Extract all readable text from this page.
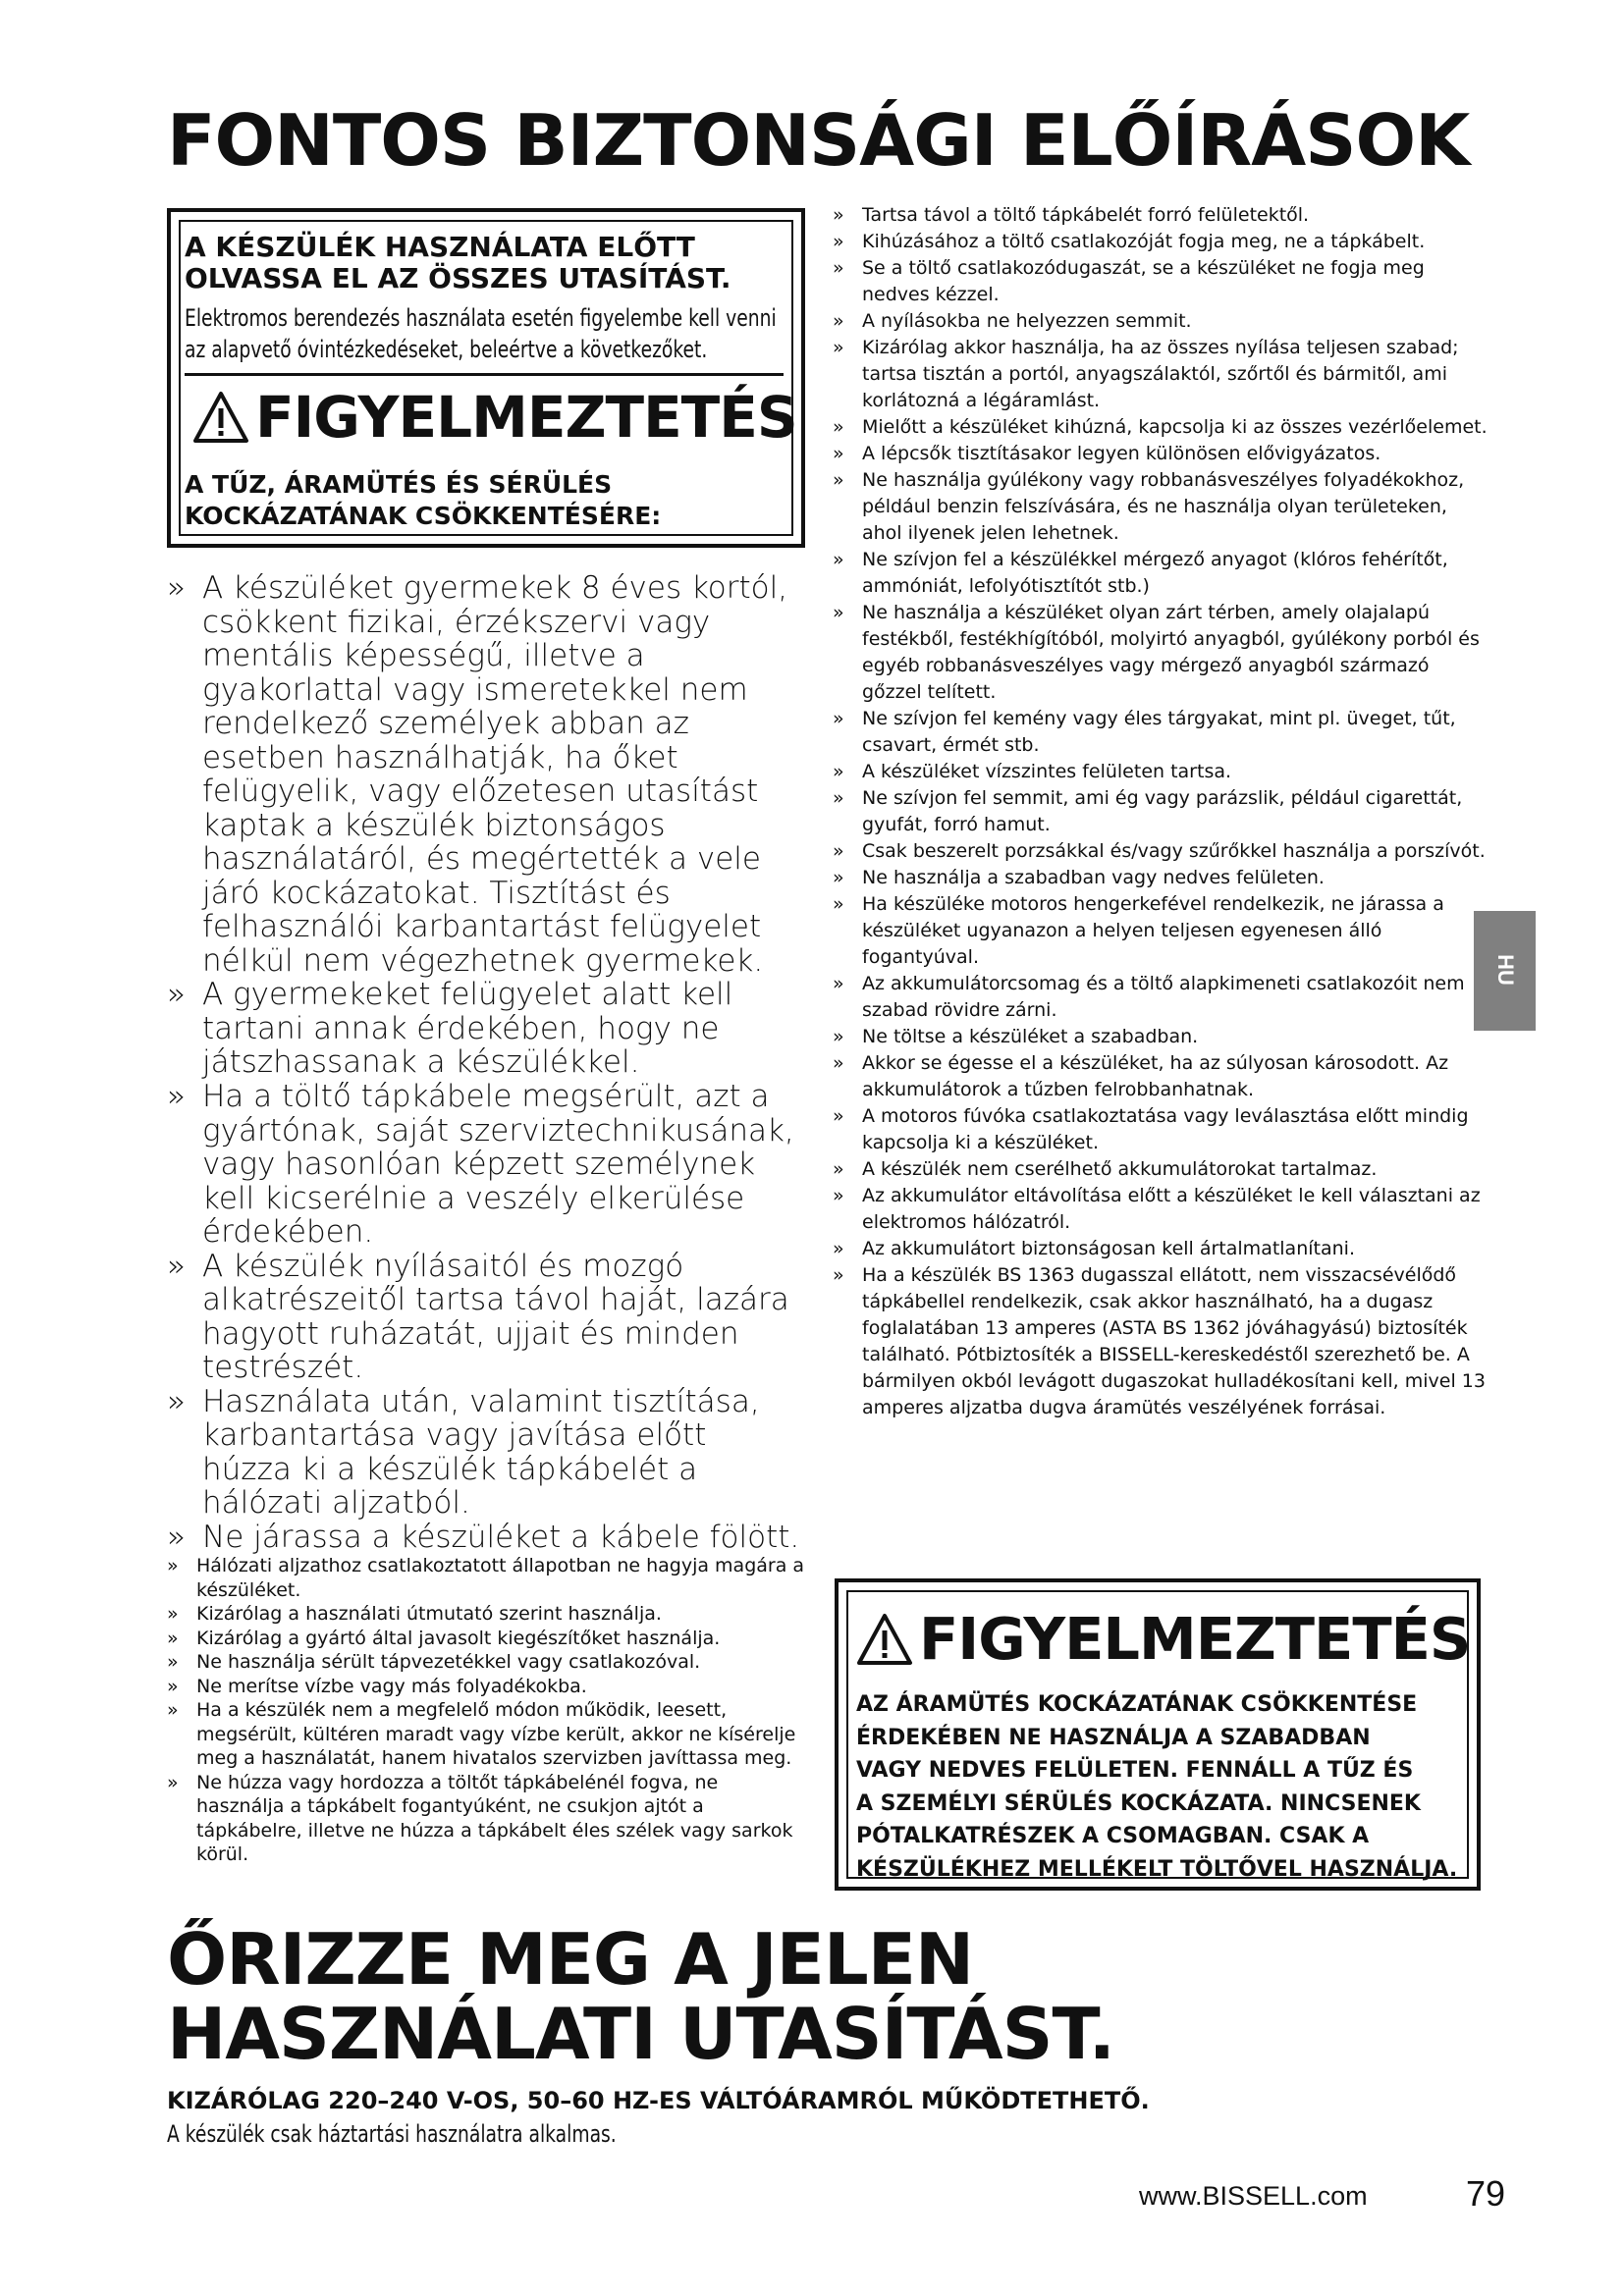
FONTOS BIZTONSÁGI ELŐÍRÁSOK
A KÉSZÜLÉK HASZNÁLATA ELŐTT
OLVASSA EL AZ ÖSSZES UTASÍTÁST.
Elektromos berendezés használata esetén figyelembe kell venni
az alapvető óvintézkedéseket, beleértve a következőket.
FIGYELMEZTETÉS
A TŰZ, ÁRAMÜTÉS ÉS SÉRÜLÉS
KOCKÁZATÁNAK CSÖKKENTÉSÉRE:
» A készüléket gyermekek 8 éves kortól, csökkent fizikai, érzékszervi vagy mentális képességű, illetve a gyakorlattal vagy ismeretekkel nem rendelkező személyek abban az esetben használhatják, ha őket felügyelik, vagy előzetesen utasítást kaptak a készülék biztonságos használatáról, és megértették a vele járó kockázatokat. Tisztítást és felhasználói karbantartást felügyelet nélkül nem végezhetnek gyermekek.
» A gyermekeket felügyelet alatt kell tartani annak érdekében, hogy ne játszhassanak a készülékkel.
» Ha a töltő tápkábele megsérült, azt a gyártónak, saját szerviztechnikusának, vagy hasonlóan képzett személynek kell kicserélnie a veszély elkerülése érdekében.
» A készülék nyílásaitól és mozgó alkatrészeitől tartsa távol haját, lazára hagyott ruházatát, ujjait és minden testrészét.
» Használata után, valamint tisztítása, karbantartása vagy javítása előtt húzza ki a készülék tápkábelét a hálózati aljzatból.
» Ne járassa a készüléket a kábele fölött.
» Hálózati aljzathoz csatlakoztatott állapotban ne hagyja magára a készüléket.
» Kizárólag a használati útmutató szerint használja.
» Kizárólag a gyártó által javasolt kiegészítőket használja.
» Ne használja sérült tápvezetékkel vagy csatlakozóval.
» Ne merítse vízbe vagy más folyadékokba.
» Ha a készülék nem a megfelelő módon működik, leesett, megsérült, kültéren maradt vagy vízbe került, akkor ne kísérelje meg a használatát, hanem hivatalos szervizben javíttassa meg.
» Ne húzza vagy hordozza a töltőt tápkábelénél fogva, ne használja a tápkábelt fogantyúként, ne csukjon ajtót a tápkábelre, illetve ne húzza a tápkábelt éles szélek vagy sarkok körül.
» Tartsa távol a töltő tápkábelét forró felületektől.
» Kihúzásához a töltő csatlakozóját fogja meg, ne a tápkábelt.
» Se a töltő csatlakozódugaszát, se a készüléket ne fogja meg nedves kézzel.
» A nyílásokba ne helyezzen semmit.
» Kizárólag akkor használja, ha az összes nyílása teljesen szabad; tartsa tisztán a portól, anyagszálaktól, szőrtől és bármitől, ami korlátozná a légáramlást.
» Mielőtt a készüléket kihúzná, kapcsolja ki az összes vezérlőelemet.
» A lépcsők tisztításakor legyen különösen elővigyázatos.
» Ne használja gyúlékony vagy robbanásveszélyes folyadékokhoz, például benzin felszívására, és ne használja olyan területeken, ahol ilyenek jelen lehetnek.
» Ne szívjon fel a készülékkel mérgező anyagot (klóros fehérítőt, ammóniát, lefolyótisztítót stb.)
» Ne használja a készüléket olyan zárt térben, amely olajalapú festékből, festékhígítóból, molyirtó anyagból, gyúlékony porból és egyéb robbanásveszélyes vagy mérgező anyagból származó gőzzel telített.
» Ne szívjon fel kemény vagy éles tárgyakat, mint pl. üveget, tűt, csavart, érmét stb.
» A készüléket vízszintes felületen tartsa.
» Ne szívjon fel semmit, ami ég vagy parázslik, például cigarettát, gyufát, forró hamut.
» Csak beszerelt porzsákkal és/vagy szűrőkkel használja a porszívót.
» Ne használja a szabadban vagy nedves felületen.
» Ha készüléke motoros hengerkefével rendelkezik, ne járassa a készüléket ugyanazon a helyen teljesen egyenesen álló fogantyúval.
» Az akkumulátorcsomag és a töltő alapkimeneti csatlakozóit nem szabad rövidre zárni.
» Ne töltse a készüléket a szabadban.
» Akkor se égesse el a készüléket, ha az súlyosan károsodott. Az akkumulátorok a tűzben felrobbanhatnak.
» A motoros fúvóka csatlakoztatása vagy leválasztása előtt mindig kapcsolja ki a készüléket.
» A készülék nem cserélhető akkumulátorokat tartalmaz.
» Az akkumulátor eltávolítása előtt a készüléket le kell választani az elektromos hálózatról.
» Az akkumulátort biztonságosan kell ártalmatlanítani.
» Ha a készülék BS 1363 dugasszal ellátott, nem visszacsévélődő tápkábellel rendelkezik, csak akkor használható, ha a dugasz foglalatában 13 amperes (ASTA BS 1362 jóváhagyású) biztosíték található. Pótbiztosíték a BISSELL-kereskedéstől szerezhető be. A bármilyen okból levágott dugaszokat hulladékosítani kell, mivel 13 amperes aljzatba dugva áramütés veszélyének forrásai.
HU
FIGYELMEZTETÉS
AZ ÁRAMÜTÉS KOCKÁZATÁNAK CSÖKKENTÉSE
ÉRDEKÉBEN NE HASZNÁLJA A SZABADBAN
VAGY NEDVES FELÜLETEN. FENNÁLL A TŰZ ÉS
A SZEMÉLYI SÉRÜLÉS KOCKÁZATA. NINCSENEK
PÓTALKATRÉSZEK A CSOMAGBAN. CSAK A
KÉSZÜLÉKHEZ MELLÉKELT TÖLTŐVEL HASZNÁLJA.
ŐRIZZE MEG A JELEN
HASZNÁLATI UTASÍTÁST.
KIZÁRÓLAG 220–240 V-OS, 50–60 HZ-ES VÁLTÓÁRAMRÓL MŰKÖDTETHETŐ.
A készülék csak háztartási használatra alkalmas.
www.BISSELL.com	79
